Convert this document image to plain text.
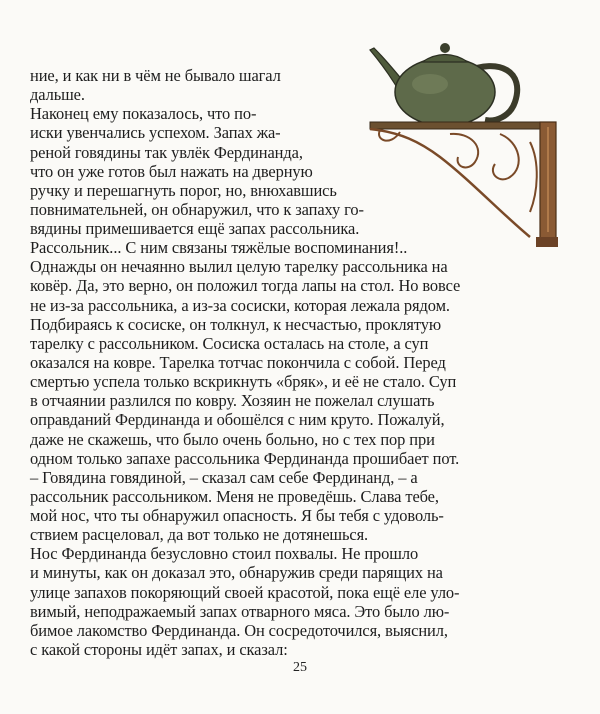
ние, и как ни в чём не бывало шагал
дальше.
Наконец ему показалось, что по-
иски увенчались успехом. Запах жа-
реной говядины так увлёк Фердинанда,
что он уже готов был нажать на дверную
ручку и перешагнуть порог, но, внюхавшись
повнимательней, он обнаружил, что к запаху го-
вядины примешивается ещё запах рассольника.
Рассольник... С ним связаны тяжёлые воспоминания!..
Однажды он нечаянно вылил целую тарелку рассольника на
ковёр. Да, это верно, он положил тогда лапы на стол. Но вовсе
не из-за рассольника, а из-за сосиски, которая лежала рядом.
Подбираясь к сосиске, он толкнул, к несчастью, проклятую
тарелку с рассольником. Сосиска осталась на столе, а суп
оказался на ковре. Тарелка тотчас покончила с собой. Перед
смертью успела только вскрикнуть «бряк», и её не стало. Суп
в отчаянии разлился по ковру. Хозяин не пожелал слушать
оправданий Фердинанда и обошёлся с ним круто. Пожалуй,
даже не скажешь, что было очень больно, но с тех пор при
одном только запахе рассольника Фердинанда прошибает пот.
– Говядина говядиной, – сказал сам себе Фердинанд, – а
рассольник рассольником. Меня не проведёшь. Слава тебе,
мой нос, что ты обнаружил опасность. Я бы тебя с удоволь-
ствием расцеловал, да вот только не дотянешься.
Нос Фердинанда безусловно стоил похвалы. Не прошло
и минуты, как он доказал это, обнаружив среди парящих на
улице запахов покоряющий своей красотой, пока ещё еле уло-
вимый, неподражаемый запах отварного мяса. Это было лю-
бимое лакомство Фердинанда. Он сосредоточился, выяснил,
с какой стороны идёт запах, и сказал:
25
